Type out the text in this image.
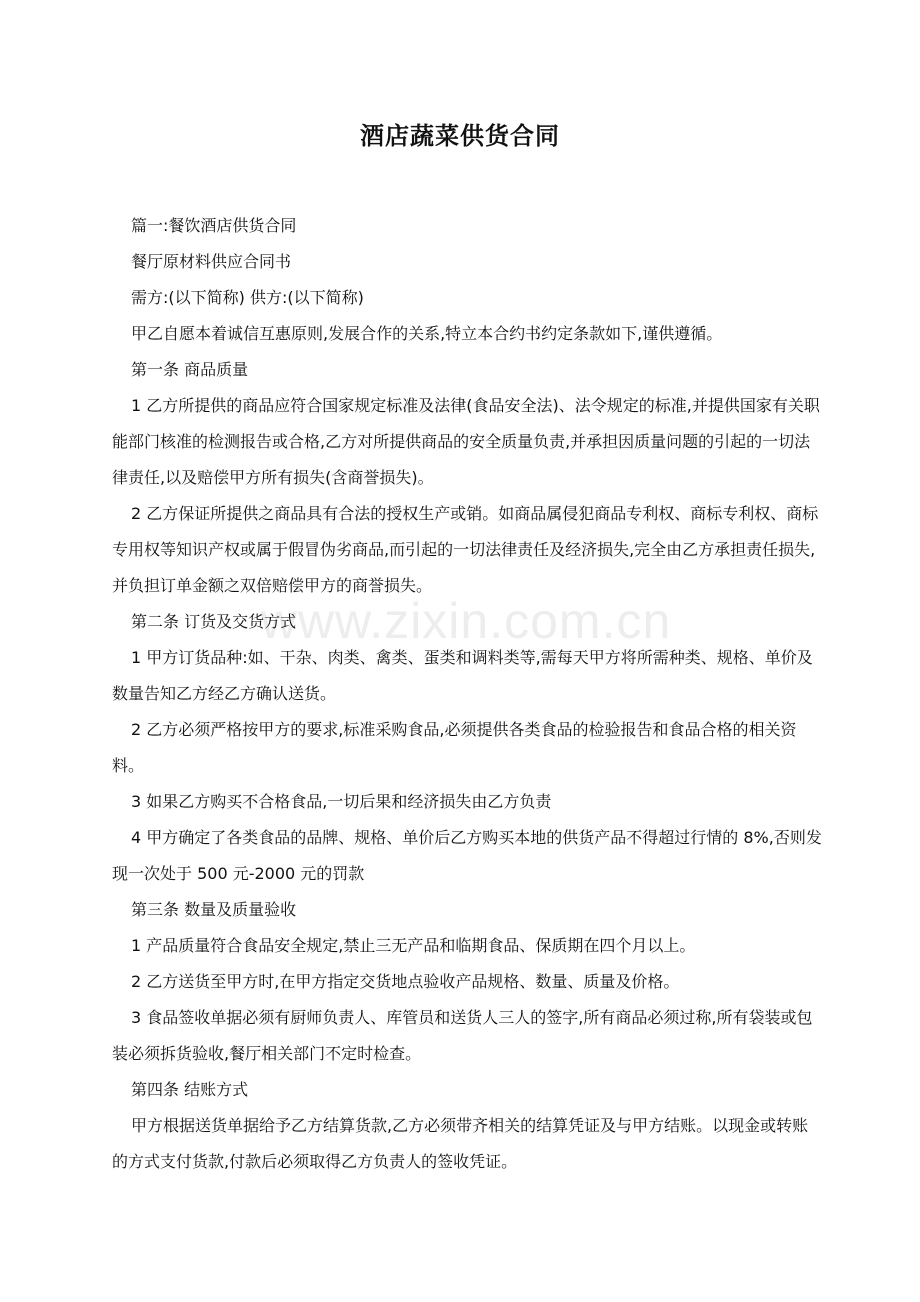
www.zixin.com.cn
酒店蔬菜供货合同

篇一:餐饮酒店供货合同

餐厅原材料供应合同书

需方:(以下简称) 供方:(以下简称)

甲乙自愿本着诚信互惠原则,发展合作的关系,特立本合约书约定条款如下,谨供遵循。

第一条 商品质量

1 乙方所提供的商品应符合国家规定标准及法律(食品安全法)、法令规定的标准,并提供国家有关职能部门核准的检测报告或合格,乙方对所提供商品的安全质量负责,并承担因质量问题的引起的一切法律责任,以及赔偿甲方所有损失(含商誉损失)。

2 乙方保证所提供之商品具有合法的授权生产或销。如商品属侵犯商品专利权、商标专利权、商标专用权等知识产权或属于假冒伪劣商品,而引起的一切法律责任及经济损失,完全由乙方承担责任损失,并负担订单金额之双倍赔偿甲方的商誉损失。

第二条 订货及交货方式

1 甲方订货品种:如、干杂、肉类、禽类、蛋类和调料类等,需每天甲方将所需种类、规格、单价及数量告知乙方经乙方确认送货。

2 乙方必须严格按甲方的要求,标准采购食品,必须提供各类食品的检验报告和食品合格的相关资料。

3 如果乙方购买不合格食品,一切后果和经济损失由乙方负责

4 甲方确定了各类食品的品牌、规格、单价后乙方购买本地的供货产品不得超过行情的 8%,否则发现一次处于 500 元-2000 元的罚款

第三条 数量及质量验收

1 产品质量符合食品安全规定,禁止三无产品和临期食品、保质期在四个月以上。

2 乙方送货至甲方时,在甲方指定交货地点验收产品规格、数量、质量及价格。

3 食品签收单据必须有厨师负责人、库管员和送货人三人的签字,所有商品必须过称,所有袋装或包装必须拆货验收,餐厅相关部门不定时检查。

第四条 结账方式

甲方根据送货单据给予乙方结算货款,乙方必须带齐相关的结算凭证及与甲方结账。以现金或转账的方式支付货款,付款后必须取得乙方负责人的签收凭证。
